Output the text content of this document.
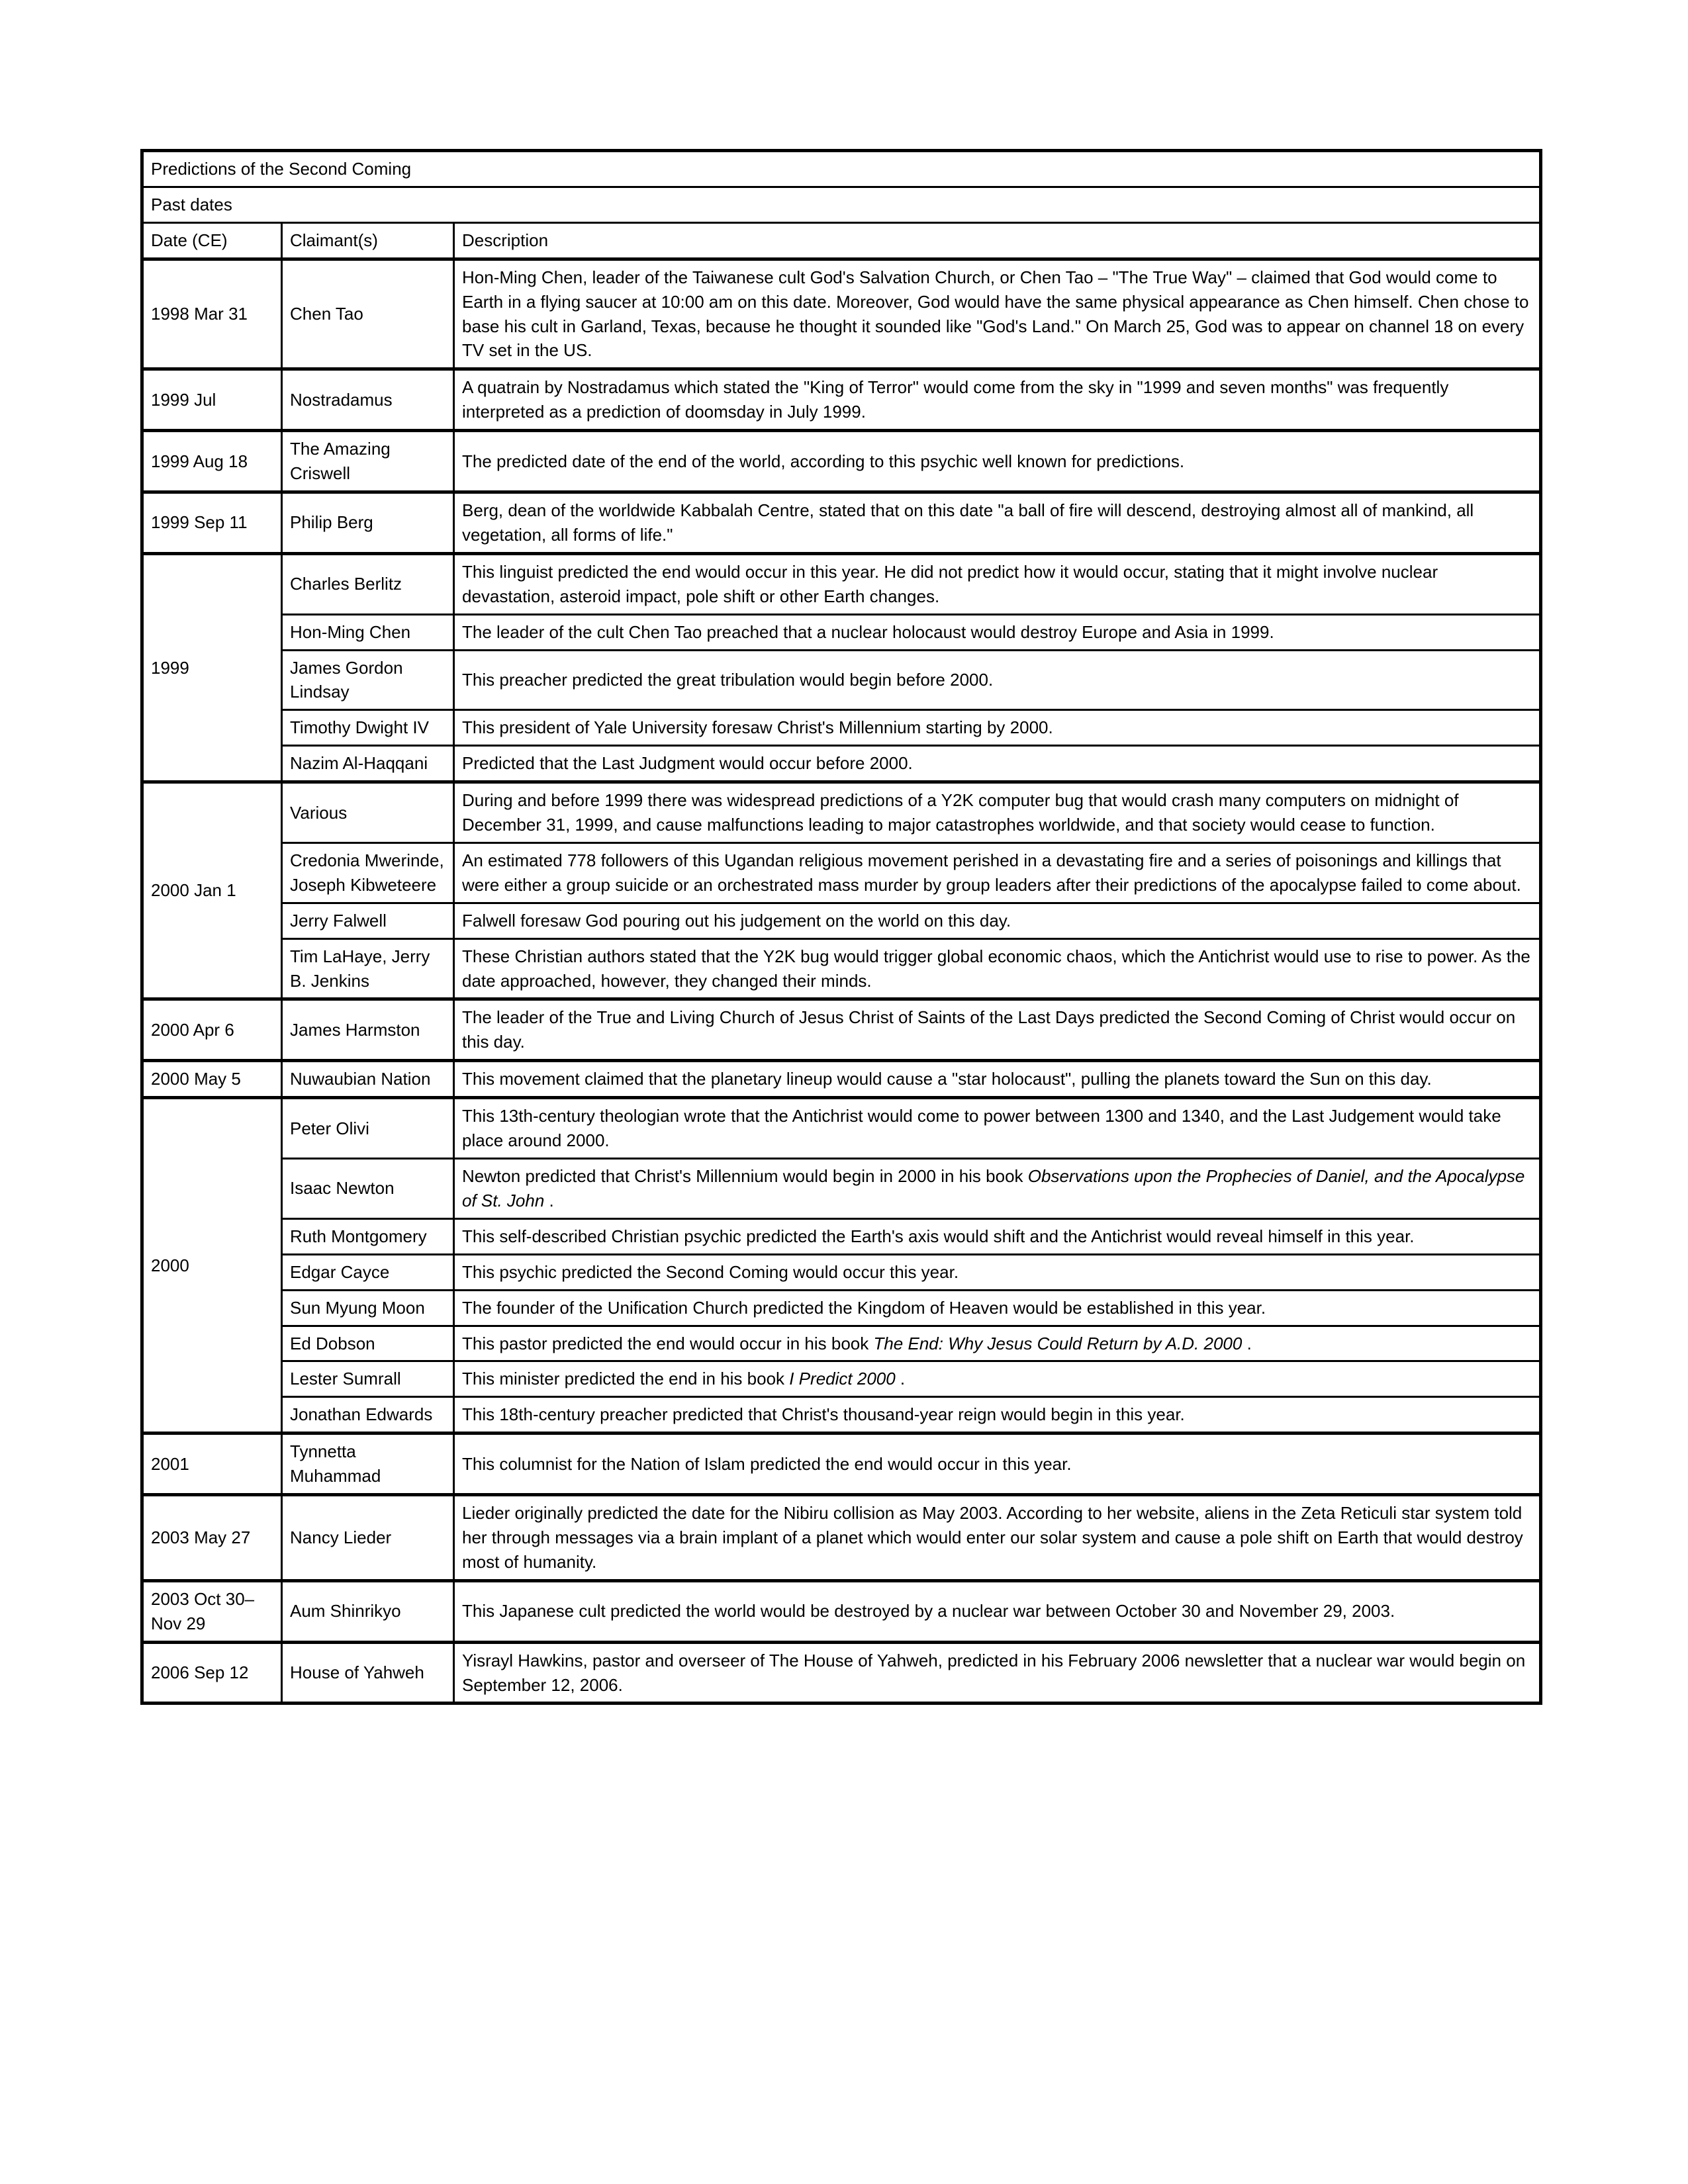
Predictions of the Second Coming		
Past dates		
Date (CE)	Claimant(s)	Description
1998 Mar 31	Chen Tao	Hon-Ming Chen, leader of the Taiwanese cult God's Salvation Church, or Chen Tao – "The True Way" – claimed that God would come to Earth in a flying saucer at 10:00 am on this date. Moreover, God would have the same physical appearance as Chen himself. Chen chose to base his cult in Garland, Texas, because he thought it sounded like "God's Land." On March 25, God was to appear on channel 18 on every TV set in the US.
1999 Jul	Nostradamus	A quatrain by Nostradamus which stated the "King of Terror" would come from the sky in "1999 and seven months" was frequently interpreted as a prediction of doomsday in July 1999.
1999 Aug 18	The Amazing Criswell	The predicted date of the end of the world, according to this psychic well known for predictions.
1999 Sep 11	Philip Berg	Berg, dean of the worldwide Kabbalah Centre, stated that on this date "a ball of fire will descend, destroying almost all of mankind, all vegetation, all forms of life."
1999	Charles Berlitz	This linguist predicted the end would occur in this year. He did not predict how it would occur, stating that it might involve nuclear devastation, asteroid impact, pole shift or other Earth changes.
	Hon-Ming Chen	The leader of the cult Chen Tao preached that a nuclear holocaust would destroy Europe and Asia in 1999.
	James Gordon Lindsay	This preacher predicted the great tribulation would begin before 2000.
	Timothy Dwight IV	This president of Yale University foresaw Christ's Millennium starting by 2000.
	Nazim Al-Haqqani	Predicted that the Last Judgment would occur before 2000.
2000 Jan 1	Various	During and before 1999 there was widespread predictions of a Y2K computer bug that would crash many computers on midnight of December 31, 1999, and cause malfunctions leading to major catastrophes worldwide, and that society would cease to function.
	Credonia Mwerinde, Joseph Kibweteere	An estimated 778 followers of this Ugandan religious movement perished in a devastating fire and a series of poisonings and killings that were either a group suicide or an orchestrated mass murder by group leaders after their predictions of the apocalypse failed to come about.
	Jerry Falwell	Falwell foresaw God pouring out his judgement on the world on this day.
	Tim LaHaye, Jerry B. Jenkins	These Christian authors stated that the Y2K bug would trigger global economic chaos, which the Antichrist would use to rise to power. As the date approached, however, they changed their minds.
2000 Apr 6	James Harmston	The leader of the True and Living Church of Jesus Christ of Saints of the Last Days predicted the Second Coming of Christ would occur on this day.
2000 May 5	Nuwaubian Nation	This movement claimed that the planetary lineup would cause a "star holocaust", pulling the planets toward the Sun on this day.
2000	Peter Olivi	This 13th-century theologian wrote that the Antichrist would come to power between 1300 and 1340, and the Last Judgement would take place around 2000.
	Isaac Newton	Newton predicted that Christ's Millennium would begin in 2000 in his book Observations upon the Prophecies of Daniel, and the Apocalypse of St. John .
	Ruth Montgomery	This self-described Christian psychic predicted the Earth's axis would shift and the Antichrist would reveal himself in this year.
	Edgar Cayce	This psychic predicted the Second Coming would occur this year.
	Sun Myung Moon	The founder of the Unification Church predicted the Kingdom of Heaven would be established in this year.
	Ed Dobson	This pastor predicted the end would occur in his book The End: Why Jesus Could Return by A.D. 2000 .
	Lester Sumrall	This minister predicted the end in his book I Predict 2000 .
	Jonathan Edwards	This 18th-century preacher predicted that Christ's thousand-year reign would begin in this year.
2001	Tynnetta Muhammad	This columnist for the Nation of Islam predicted the end would occur in this year.
2003 May 27	Nancy Lieder	Lieder originally predicted the date for the Nibiru collision as May 2003. According to her website, aliens in the Zeta Reticuli star system told her through messages via a brain implant of a planet which would enter our solar system and cause a pole shift on Earth that would destroy most of humanity.
2003 Oct 30–Nov 29	Aum Shinrikyo	This Japanese cult predicted the world would be destroyed by a nuclear war between October 30 and November 29, 2003.
2006 Sep 12	House of Yahweh	Yisrayl Hawkins, pastor and overseer of The House of Yahweh, predicted in his February 2006 newsletter that a nuclear war would begin on September 12, 2006.
